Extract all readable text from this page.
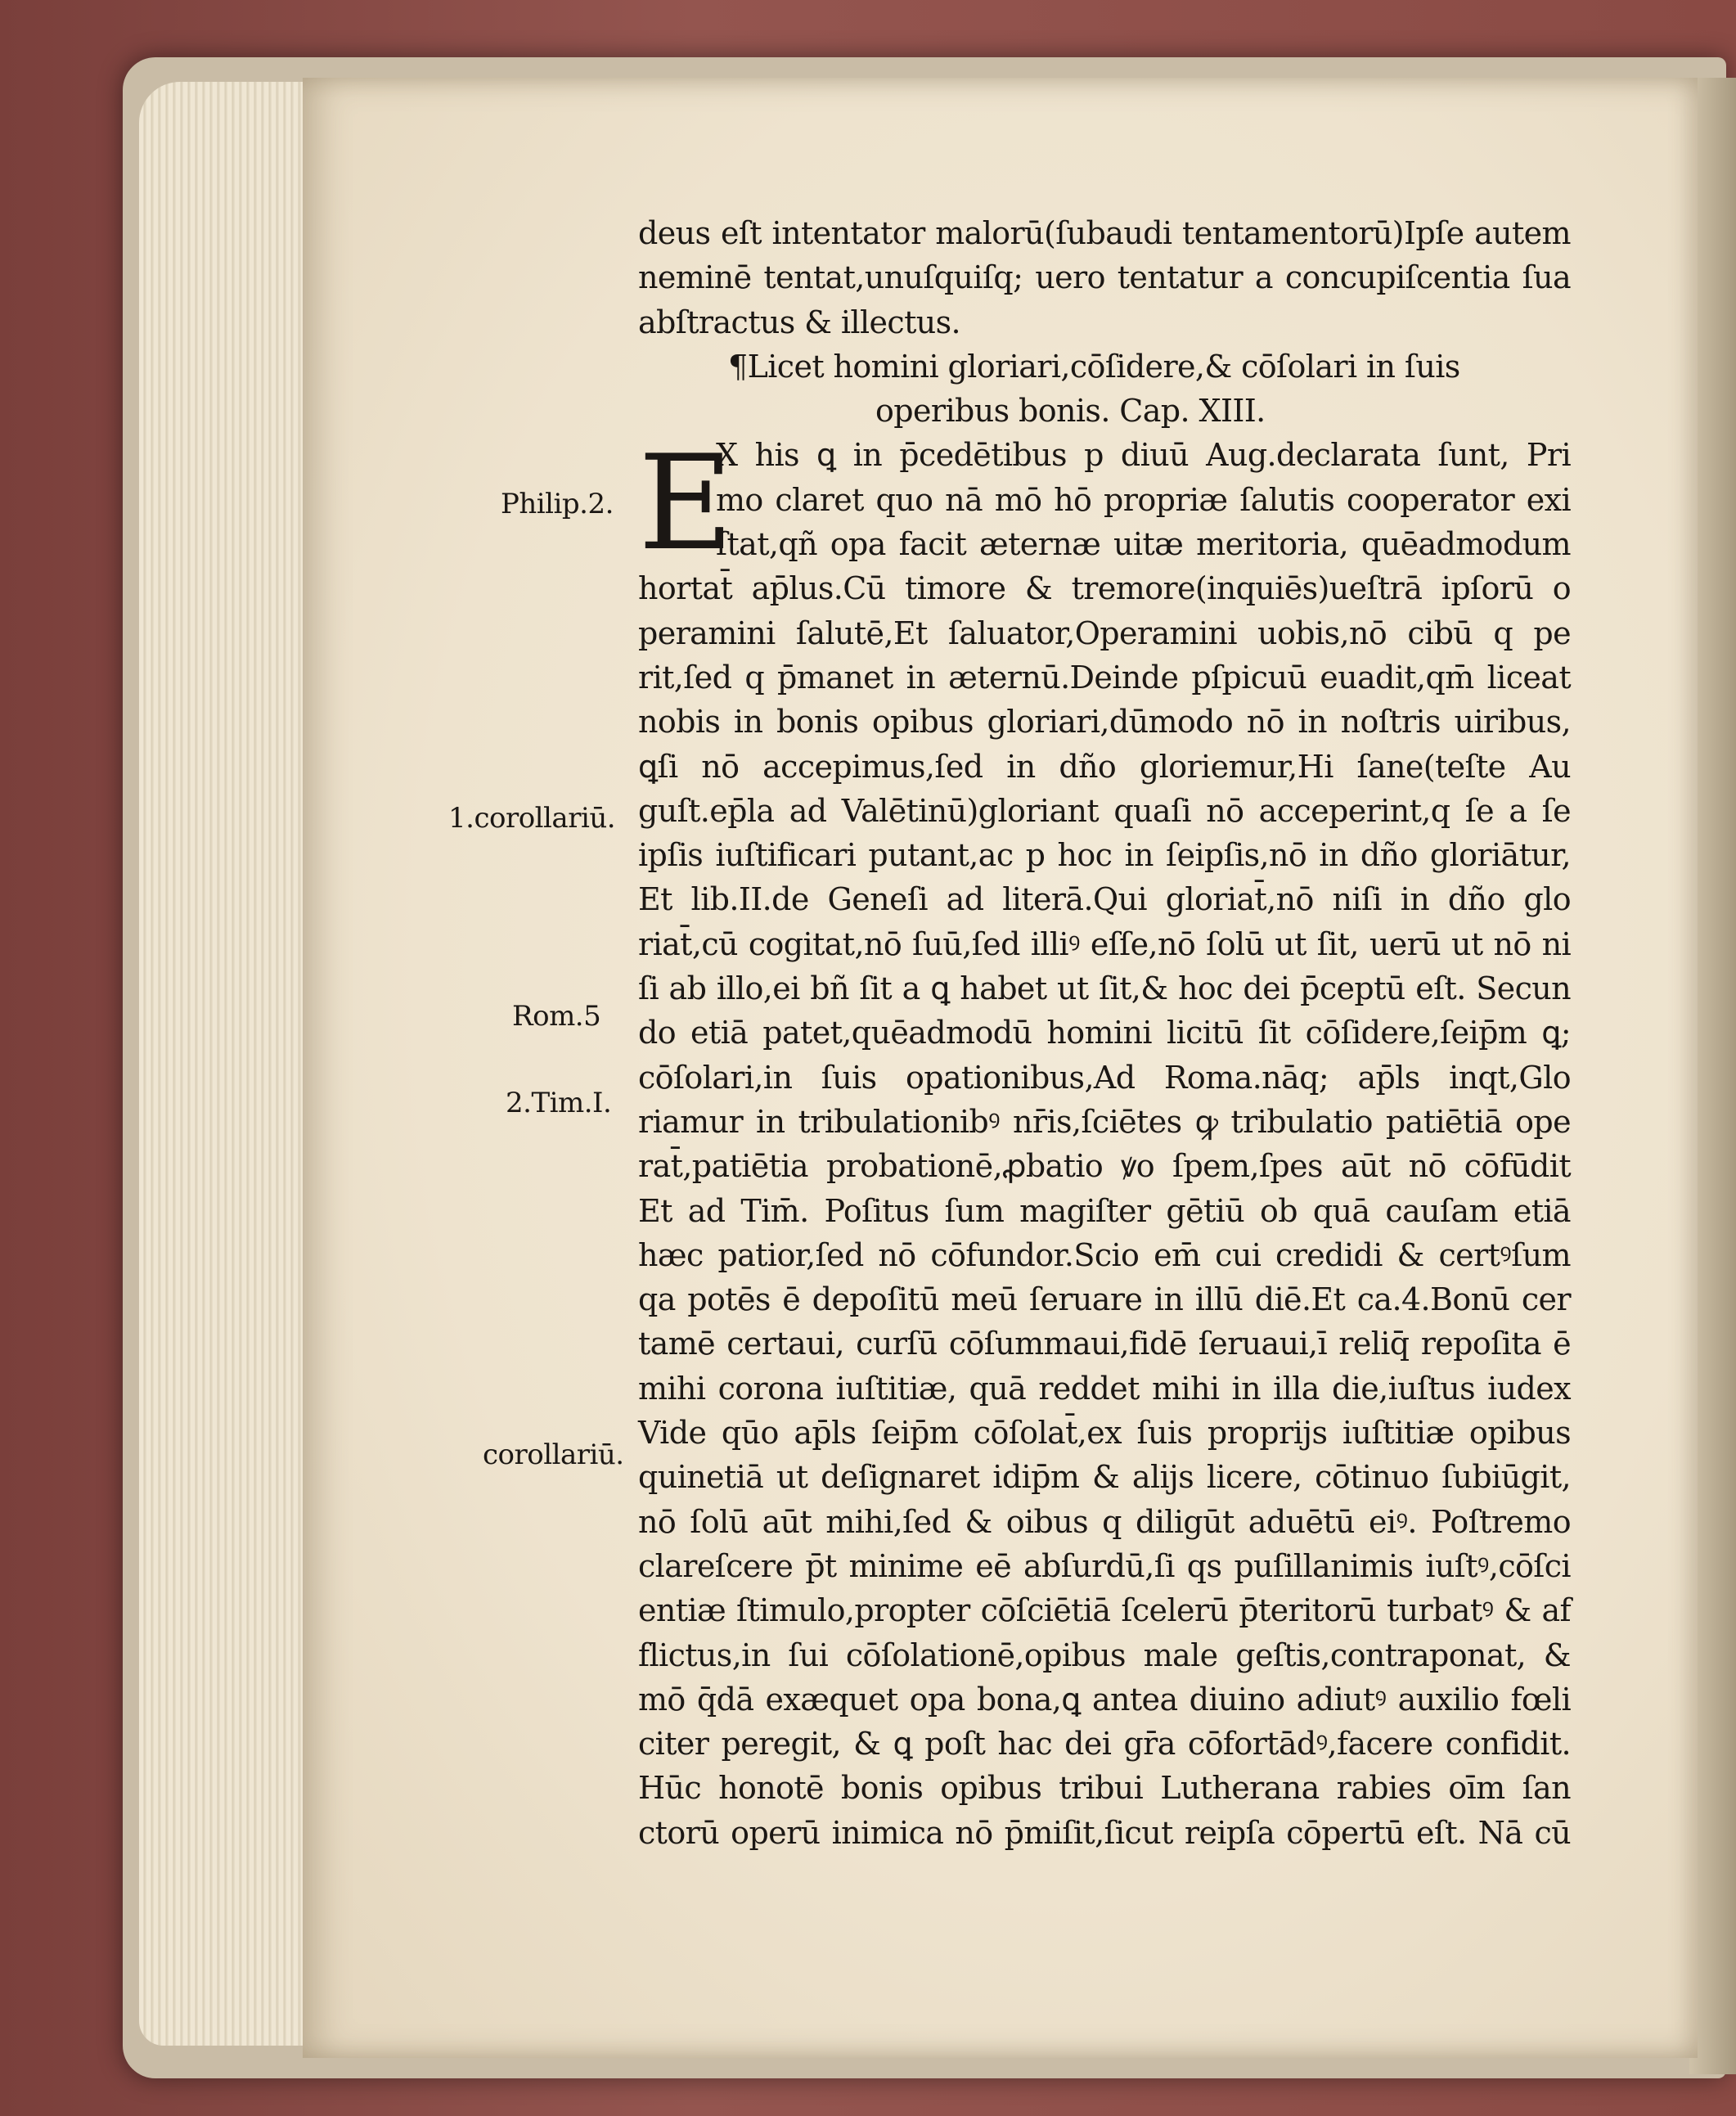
deus eſt intentator malorū(ſubaudi tentamentorū)Ipſe autem
neminē tentat,unuſquiſq; uero tentatur a concupiſcentia ſua
abſtractus & illectus.
¶Licet homini gloriari,cōſidere,& cōſolari in ſuis
operibus bonis. Cap. XIII.
E
X his ꝗ in p̄cedētibus p diuū Aug.declarata ſunt, Pri
mo claret quo nā mō hō propriæ ſalutis cooperator exi
ſtat,qñ opa facit æternæ uitæ meritoria, quēadmodum
hortat̄ ap̄lus.Cū timore & tremore(inquiēs)ueſtrā ipſorū o
peramini ſalutē,Et ſaluator,Operamini uobis,nō cibū q pe
rit,ſed q p̄manet in æternū.Deinde pſpicuū euadit,qm̄ liceat
nobis in bonis opibus gloriari,dūmodo nō in noſtris uiribus,
ꝗſi nō accepimus,ſed in dño gloriemur,Hi ſane(teſte Au
guſt.ep̄la ad Valētinū)gloriant quaſi nō acceperint,q ſe a ſe
ipſis iuſtificari putant,ac p hoc in ſeipſis,nō in dño gloriātur,
Et lib.II.de Geneſi ad literā.Qui gloriat̄,nō niſi in dño glo
riat̄,cū cogitat,nō ſuū,ſed illiꝰ eſſe,nō ſolū ut ſit, uerū ut nō ni
ſi ab illo,ei bñ ſit a ꝗ habet ut ſit,& hoc dei p̄ceptū eſt. Secun
do etiā patet,quēadmodū homini licitū ſit cōſidere,ſeip̄m ꝗ;
cōſolari,in ſuis opationibus,Ad Roma.nāq; ap̄ls inqt,Glo
riamur in tribulationibꝰ nr̄is,ſciētes ꝙ tribulatio patiētiā ope
rat̄,patiētia probationē,ꝓbatio ꝟo ſpem,ſpes aūt nō cōfūdit
Et ad Tim̄. Poſitus ſum magiſter gētiū ob quā cauſam etiā
hæc patior,ſed nō cōfundor.Scio em̄ cui credidi & certꝰſum
qa potēs ē depoſitū meū ſeruare in illū diē.Et ca.4.Bonū cer
tamē certaui, curſū cōſummaui,fidē ſeruaui,ī reliq̄ repoſita ē
mihi corona iuſtitiæ, quā reddet mihi in illa die,iuſtus iudex
Vide qūo ap̄ls ſeip̄m cōſolat̄,ex ſuis proprijs iuſtitiæ opibus
quinetiā ut deſignaret idip̄m & alijs licere, cōtinuo ſubiūgit,
nō ſolū aūt mihi,ſed & oibus q diligūt aduētū eiꝰ. Poſtremo
clareſcere p̄t minime eē abſurdū,ſi qs puſillanimis iuſtꝰ,cōſci
entiæ ſtimulo,propter cōſciētiā ſcelerū p̄teritorū turbatꝰ & af
flictus,in ſui cōſolationē,opibus male geſtis,contraponat, &
mō q̄dā exæquet opa bona,ꝗ antea diuino adiutꝰ auxilio fœli
citer peregit, & ꝗ poſt hac dei gr̄a cōfortādꝰ,facere confidit.
Hūc honotē bonis opibus tribui Lutherana rabies oīm ſan
ctorū operū inimica nō p̄miſit,ſicut reipſa cōpertū eſt. Nā cū
Philip.2.
1.corollariū.
Rom.5
2.Tim.I.
corollariū.
